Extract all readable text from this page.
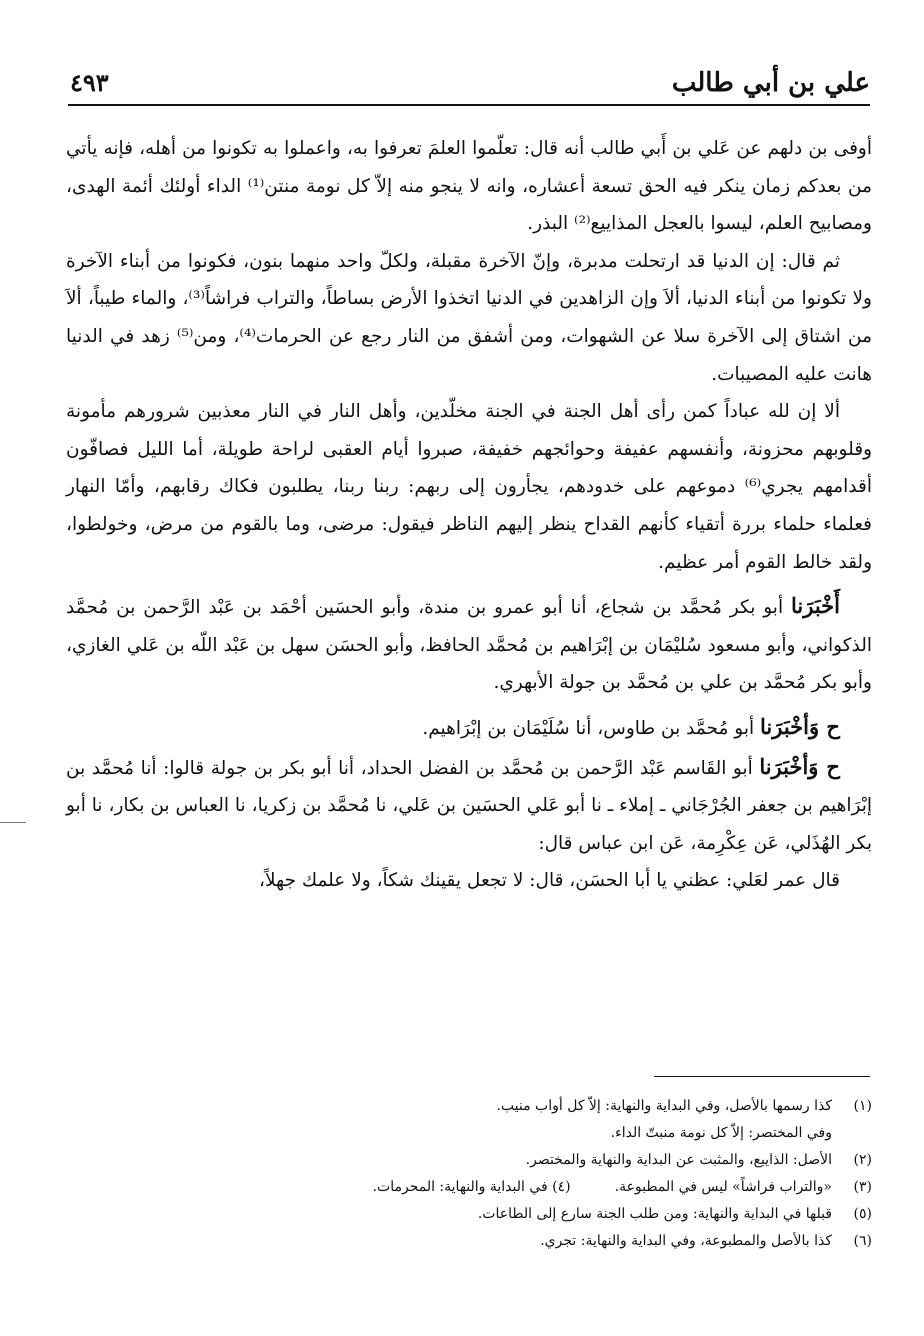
علي بن أبي طالب
٤٩٣

أوفى بن دلهم عن عَلي بن أَبي طالب أنه قال: تعلّموا العلمَ تعرفوا به، واعملوا به تكونوا من أهله، فإنه يأتي من بعدكم زمان ينكر فيه الحق تسعة أعشاره، وانه لا ينجو منه إلاّ كل نومة منتن⁽¹⁾ الداء أولئك أئمة الهدى، ومصابيح العلم، ليسوا بالعجل المذاييع⁽²⁾ البذر.

ثم قال: إن الدنيا قد ارتحلت مدبرة، وإنّ الآخرة مقبلة، ولكلّ واحد منهما بنون، فكونوا من أبناء الآخرة ولا تكونوا من أبناء الدنيا، ألاَ وإن الزاهدين في الدنيا اتخذوا الأرض بساطاً، والتراب فراشاً⁽³⁾، والماء طيباً، ألاَ من اشتاق إلى الآخرة سلا عن الشهوات، ومن أشفق من النار رجع عن الحرمات⁽⁴⁾، ومن⁽⁵⁾ زهد في الدنيا هانت عليه المصيبات.

ألا إن لله عباداً كمن رأى أهل الجنة في الجنة مخلّدين، وأهل النار في النار معذبين شرورهم مأمونة وقلوبهم محزونة، وأنفسهم عفيفة وحوائجهم خفيفة، صبروا أيام العقبى لراحة طويلة، أما الليل فصافّون أقدامهم يجري⁽⁶⁾ دموعهم على خدودهم، يجأرون إلى ربهم: ربنا ربنا، يطلبون فكاك رقابهم، وأمّا النهار فعلماء حلماء بررة أتقياء كأنهم القداح ينظر إليهم الناظر فيقول: مرضى، وما بالقوم من مرض، وخولطوا، ولقد خالط القوم أمر عظيم.

أَخْبَرَنا أبو بكر مُحمَّد بن شجاع، أنا أبو عمرو بن مندة، وأبو الحسَين أحْمَد بن عَبْد الرَّحمن بن مُحمَّد الذكواني، وأبو مسعود سُليْمَان بن إبْرَاهيم بن مُحمَّد الحافظ، وأبو الحسَن سهل بن عَبْد اللّه بن عَلي الغازي، وأبو بكر مُحمَّد بن علي بن مُحمَّد بن جولة الأبهري.

ح وَأخْبَرَنا أبو مُحمَّد بن طاوس، أنا سُلَيْمَان بن إبْرَاهيم.

ح وَأخْبَرَنا أبو القَاسم عَبْد الرَّحمن بن مُحمَّد بن الفضل الحداد، أنا أبو بكر بن جولة قالوا: أنا مُحمَّد بن إبْرَاهيم بن جعفر الجُرْجَاني ـ إملاء ـ نا أبو عَلي الحسَين بن عَلي، نا مُحمَّد بن زكريا، نا العباس بن بكار، نا أبو بكر الهُذَلي، عَن عِكْرِمة، عَن ابن عباس قال:

قال عمر لعَلي: عظني يا أبا الحسَن، قال: لا تجعل يقينك شكاً، ولا علمك جهلاً،

(١)
كذا رسمها بالأصل، وفي البداية والنهاية: إلاّ كل أواب منيب.
وفي المختصر: إلاّ كل نومة منبتّ الداء.
(٢)
الأصل: الذاييع، والمثبت عن البداية والنهاية والمختصر.
(٣)
«والتراب فراشاً» ليس في المطبوعة.(٤) في البداية والنهاية: المحرمات.
(٥)
قبلها في البداية والنهاية: ومن طلب الجنة سارع إلى الطاعات.
(٦)
كذا بالأصل والمطبوعة، وفي البداية والنهاية: تجري.
